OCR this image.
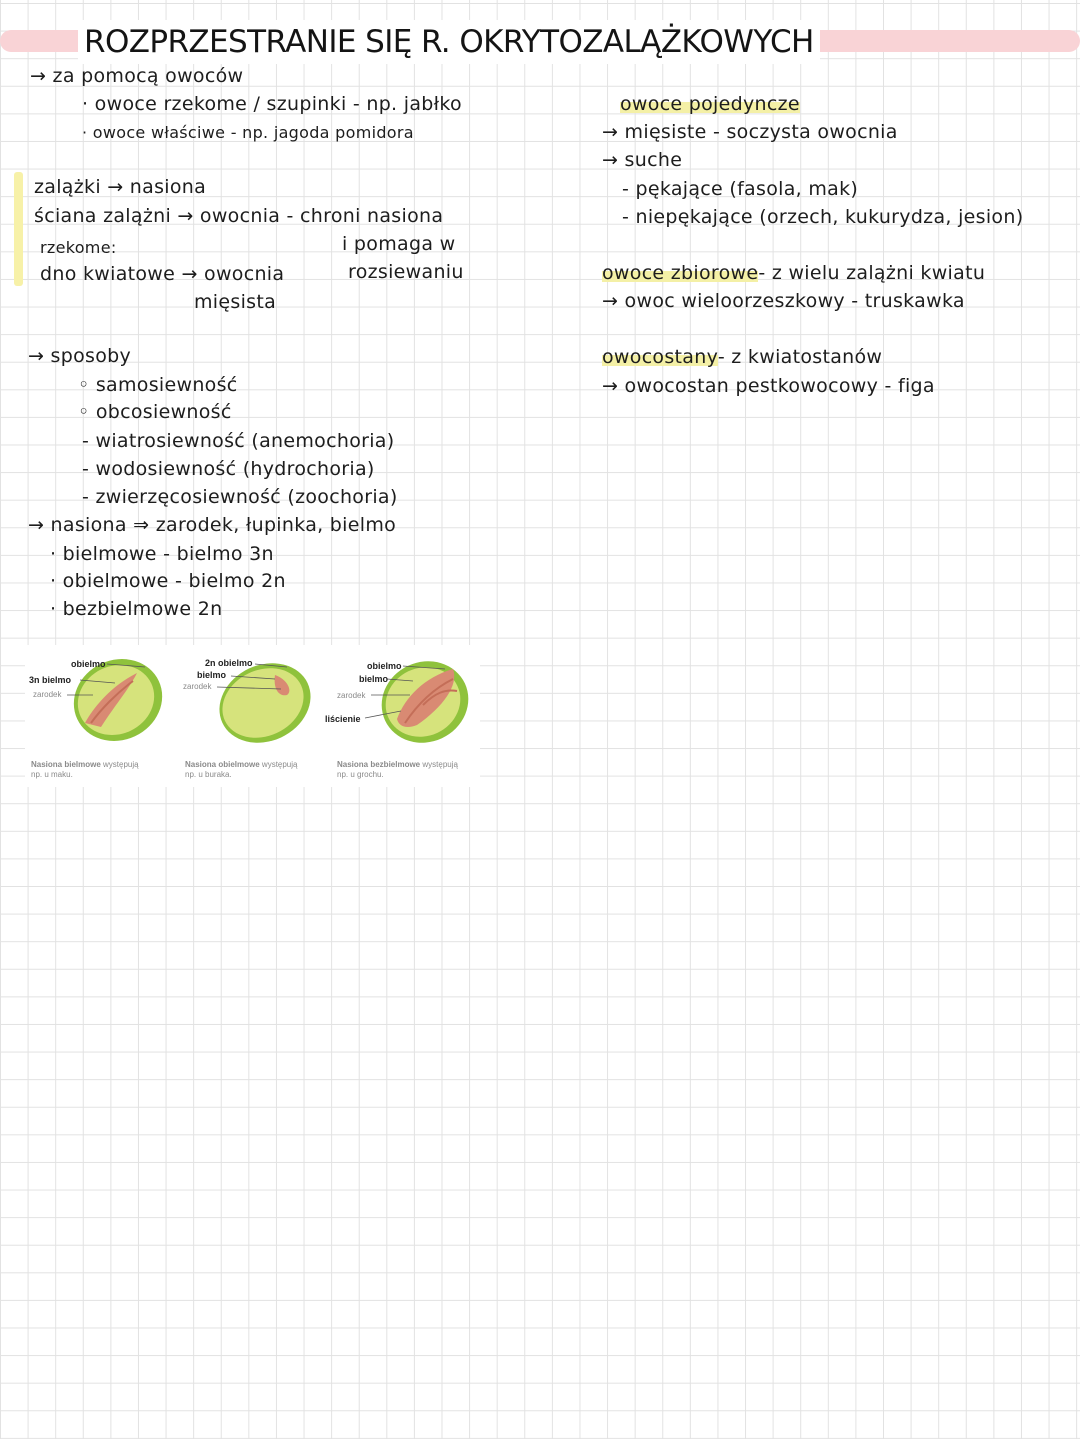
ROZPRZESTRANIE SIĘ R. OKRYTOZALĄŻKOWYCH
→ za pomocą owoców
· owoce rzekome / szupinki - np. jabłko
· owoce właściwe - np. jagoda pomidora
zalążki → nasiona
ściana zalążni → owocnia - chroni nasiona
rzekome:	i pomaga w
dno kwiatowe → owocnia	rozsiewaniu
mięsista
→ sposoby
◦ samosiewność
◦ obcosiewność
- wiatrosiewność (anemochoria)
- wodosiewność (hydrochoria)
- zwierzęcosiewność (zoochoria)
→ nasiona ⇒ zarodek, łupinka, bielmo
· bielmowe - bielmo 3n
· obielmowe - bielmo 2n
· bezbielmowe 2n
owoce pojedyncze
→ mięsiste - soczysta owocnia
→ suche
- pękające (fasola, mak)
- niepękające (orzech, kukurydza, jesion)
owoce zbiorowe- z wielu zalążni kwiatu
→ owoc wieloorzeszkowy - truskawka
owocostany- z kwiatostanów
→ owocostan pestkowocowy - figa
obielmo
3n bielmo
zarodek
Nasiona bielmowe występują
np. u maku.
2n obielmo
bielmo
zarodek
Nasiona obielmowe występują
np. u buraka.
obielmo
bielmo
zarodek
liścienie
Nasiona bezbielmowe występują
np. u grochu.
